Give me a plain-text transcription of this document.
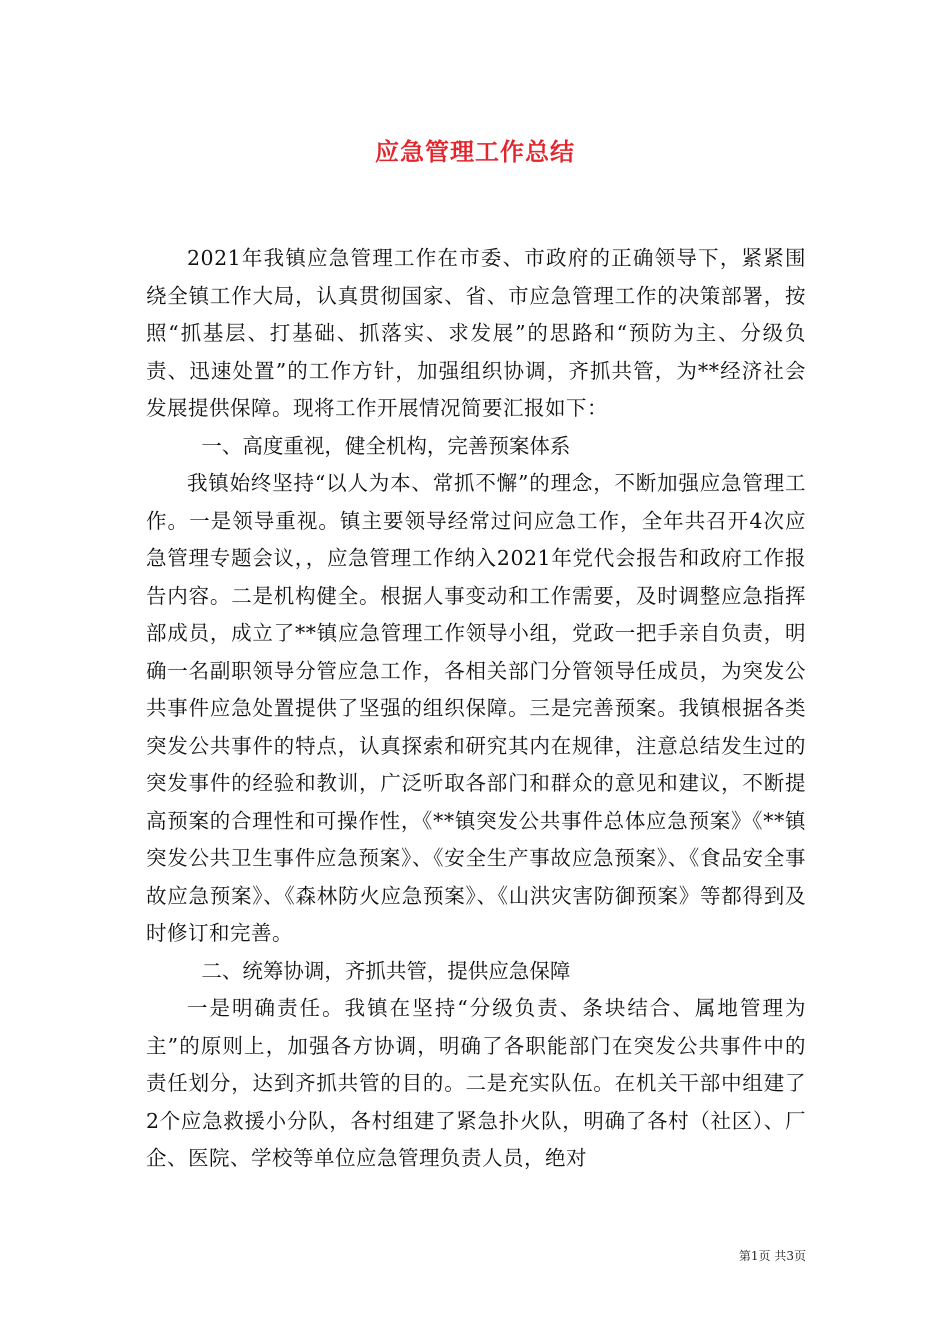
应急管理工作总结

2021年我镇应急管理工作在市委、市政府的正确领导下，紧紧围绕全镇工作大局，认真贯彻国家、省、市应急管理工作的决策部署，按照“抓基层、打基础、抓落实、求发展”的思路和“预防为主、分级负责、迅速处置”的工作方针，加强组织协调，齐抓共管，为**经济社会发展提供保障。现将工作开展情况简要汇报如下：

一、高度重视，健全机构，完善预案体系

我镇始终坚持“以人为本、常抓不懈”的理念，不断加强应急管理工作。一是领导重视。镇主要领导经常过问应急工作，全年共召开4次应急管理专题会议，，应急管理工作纳入2021年党代会报告和政府工作报告内容。二是机构健全。根据人事变动和工作需要，及时调整应急指挥部成员，成立了**镇应急管理工作领导小组，党政一把手亲自负责，明确一名副职领导分管应急工作，各相关部门分管领导任成员，为突发公共事件应急处置提供了坚强的组织保障。三是完善预案。我镇根据各类突发公共事件的特点，认真探索和研究其内在规律，注意总结发生过的突发事件的经验和教训，广泛听取各部门和群众的意见和建议，不断提高预案的合理性和可操作性，《**镇突发公共事件总体应急预案》《**镇突发公共卫生事件应急预案》、《安全生产事故应急预案》、《食品安全事故应急预案》、《森林防火应急预案》、《山洪灾害防御预案》等都得到及时修订和完善。

二、统筹协调，齐抓共管，提供应急保障

一是明确责任。我镇在坚持“分级负责、条块结合、属地管理为主”的原则上，加强各方协调，明确了各职能部门在突发公共事件中的责任划分，达到齐抓共管的目的。二是充实队伍。在机关干部中组建了2个应急救援小分队，各村组建了紧急扑火队，明确了各村（社区）、厂企、医院、学校等单位应急管理负责人员，绝对

第1页 共3页
